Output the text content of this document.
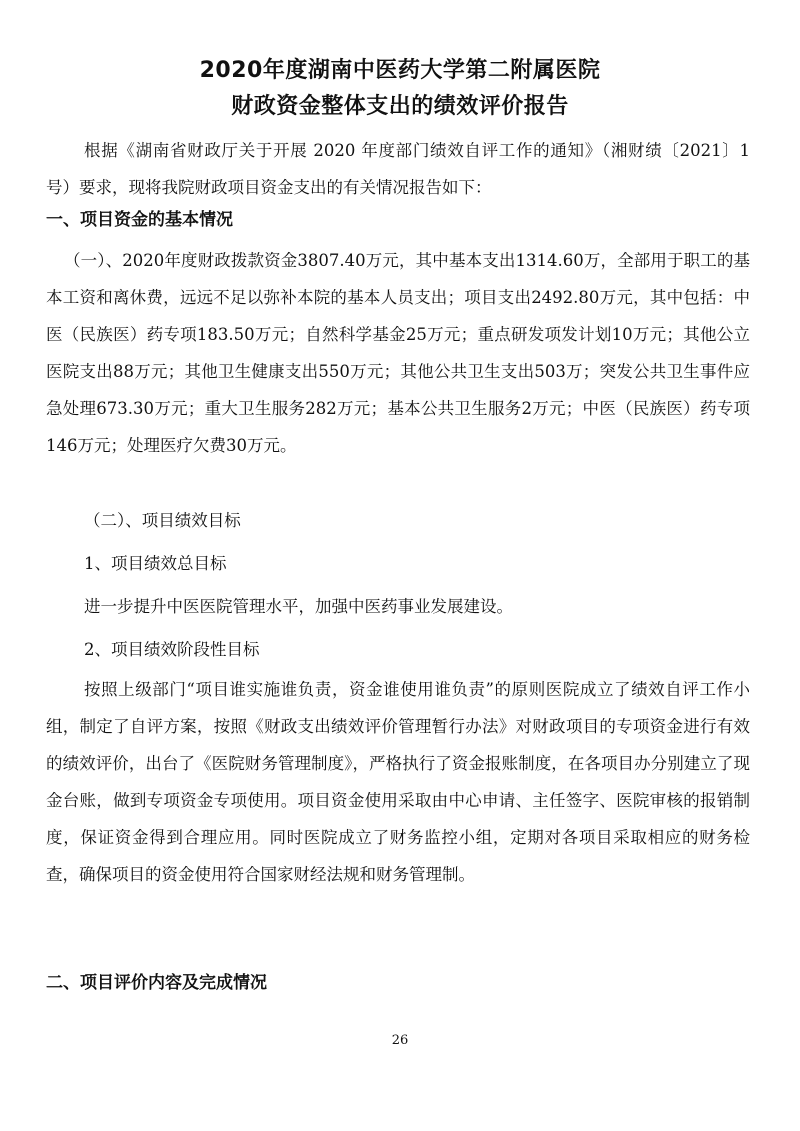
2020年度湖南中医药大学第二附属医院
财政资金整体支出的绩效评价报告

根据《湖南省财政厅关于开展 2020 年度部门绩效自评工作的通知》（湘财绩〔2021〕1 号）要求，现将我院财政项目资金支出的有关情况报告如下：

一、项目资金的基本情况

（一）、2020年度财政拨款资金3807.40万元，其中基本支出1314.60万，全部用于职工的基本工资和离休费，远远不足以弥补本院的基本人员支出；项目支出2492.80万元，其中包括：中医（民族医）药专项183.50万元；自然科学基金25万元；重点研发项发计划10万元；其他公立医院支出88万元；其他卫生健康支出550万元；其他公共卫生支出503万；突发公共卫生事件应急处理673.30万元；重大卫生服务282万元；基本公共卫生服务2万元；中医（民族医）药专项146万元；处理医疗欠费30万元。

（二）、项目绩效目标
1、项目绩效总目标
进一步提升中医医院管理水平，加强中医药事业发展建设。
2、项目绩效阶段性目标

按照上级部门“项目谁实施谁负责，资金谁使用谁负责”的原则医院成立了绩效自评工作小组，制定了自评方案，按照《财政支出绩效评价管理暂行办法》对财政项目的专项资金进行有效的绩效评价，出台了《医院财务管理制度》，严格执行了资金报账制度，在各项目办分别建立了现金台账，做到专项资金专项使用。项目资金使用采取由中心申请、主任签字、医院审核的报销制度，保证资金得到合理应用。同时医院成立了财务监控小组，定期对各项目采取相应的财务检查，确保项目的资金使用符合国家财经法规和财务管理制。

二、项目评价内容及完成情况
26
